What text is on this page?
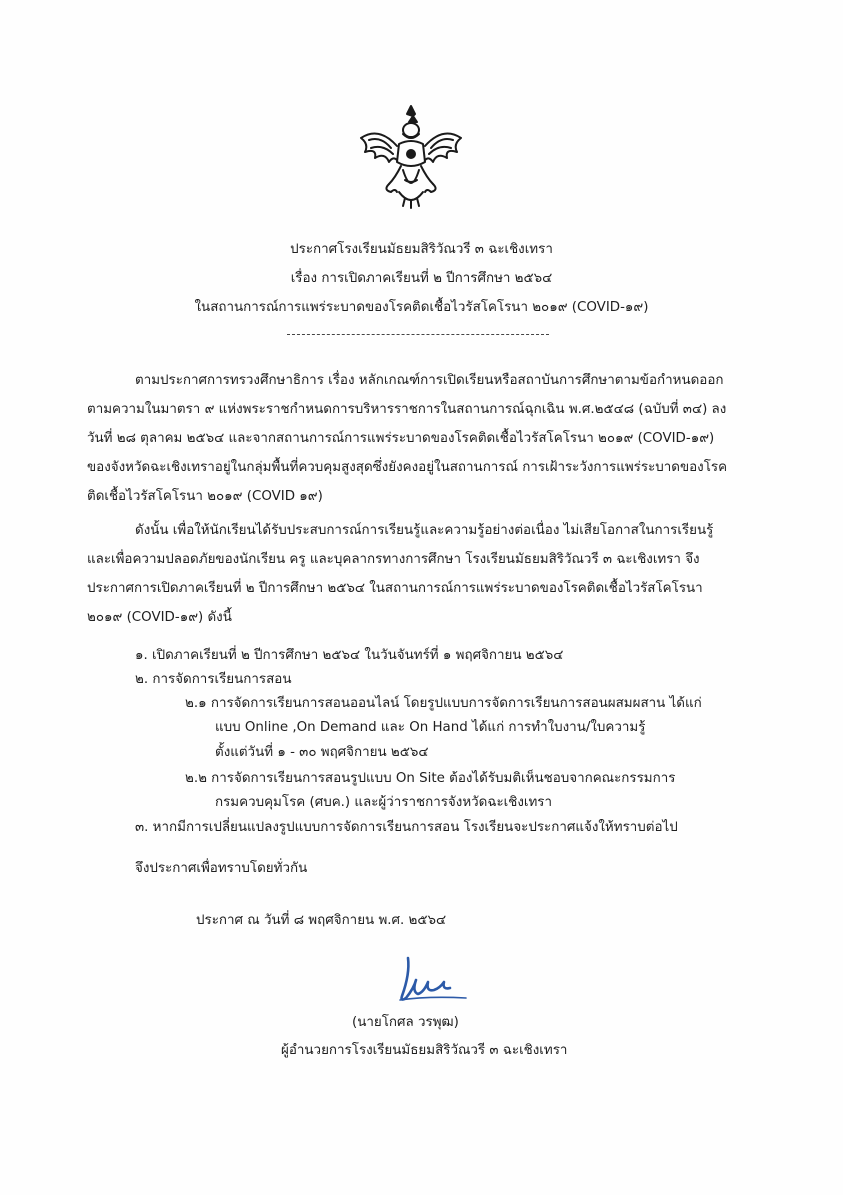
ประกาศโรงเรียนมัธยมสิริวัณวรี ๓ ฉะเชิงเทรา
เรื่อง การเปิดภาคเรียนที่ ๒ ปีการศึกษา ๒๕๖๔
ในสถานการณ์การแพร่ระบาดของโรคติดเชื้อไวรัสโคโรนา ๒๐๑๙ (COVID-๑๙)
ตามประกาศการทรวงศึกษาธิการ เรื่อง หลักเกณฑ์การเปิดเรียนหรือสถาบันการศึกษาตามข้อกำหนดออก
ตามความในมาตรา ๙ แห่งพระราชกำหนดการบริหารราชการในสถานการณ์ฉุกเฉิน พ.ศ.๒๕๔๘ (ฉบับที่ ๓๔) ลง
วันที่ ๒๘ ตุลาคม ๒๕๖๔ และจากสถานการณ์การแพร่ระบาดของโรคติดเชื้อไวรัสโคโรนา ๒๐๑๙ (COVID-๑๙)
ของจังหวัดฉะเชิงเทราอยู่ในกลุ่มพื้นที่ควบคุมสูงสุดซึ่งยังคงอยู่ในสถานการณ์ การเฝ้าระวังการแพร่ระบาดของโรค
ติดเชื้อไวรัสโคโรนา ๒๐๑๙ (COVID ๑๙)
ดังนั้น เพื่อให้นักเรียนได้รับประสบการณ์การเรียนรู้และความรู้อย่างต่อเนื่อง ไม่เสียโอกาสในการเรียนรู้
และเพื่อความปลอดภัยของนักเรียน ครู และบุคลากรทางการศึกษา โรงเรียนมัธยมสิริวัณวรี ๓ ฉะเชิงเทรา จึง
ประกาศการเปิดภาคเรียนที่ ๒ ปีการศึกษา ๒๕๖๔ ในสถานการณ์การแพร่ระบาดของโรคติดเชื้อไวรัสโคโรนา
๒๐๑๙ (COVID-๑๙) ดังนี้
๑. เปิดภาคเรียนที่ ๒ ปีการศึกษา ๒๕๖๔ ในวันจันทร์ที่ ๑ พฤศจิกายน ๒๕๖๔
๒. การจัดการเรียนการสอน
๒.๑ การจัดการเรียนการสอนออนไลน์ โดยรูปแบบการจัดการเรียนการสอนผสมผสาน ได้แก่
แบบ Online ,On Demand และ On Hand ได้แก่ การทำใบงาน/ใบความรู้
ตั้งแต่วันที่ ๑ - ๓๐ พฤศจิกายน ๒๕๖๔
๒.๒ การจัดการเรียนการสอนรูปแบบ On Site ต้องได้รับมติเห็นชอบจากคณะกรรมการ
กรมควบคุมโรค (ศบค.) และผู้ว่าราชการจังหวัดฉะเชิงเทรา
๓. หากมีการเปลี่ยนแปลงรูปแบบการจัดการเรียนการสอน โรงเรียนจะประกาศแจ้งให้ทราบต่อไป
จึงประกาศเพื่อทราบโดยทั่วกัน
ประกาศ ณ วันที่ ๘ พฤศจิกายน พ.ศ. ๒๕๖๔
(นายโกศล วรพุฒ)
ผู้อำนวยการโรงเรียนมัธยมสิริวัณวรี ๓ ฉะเชิงเทรา
